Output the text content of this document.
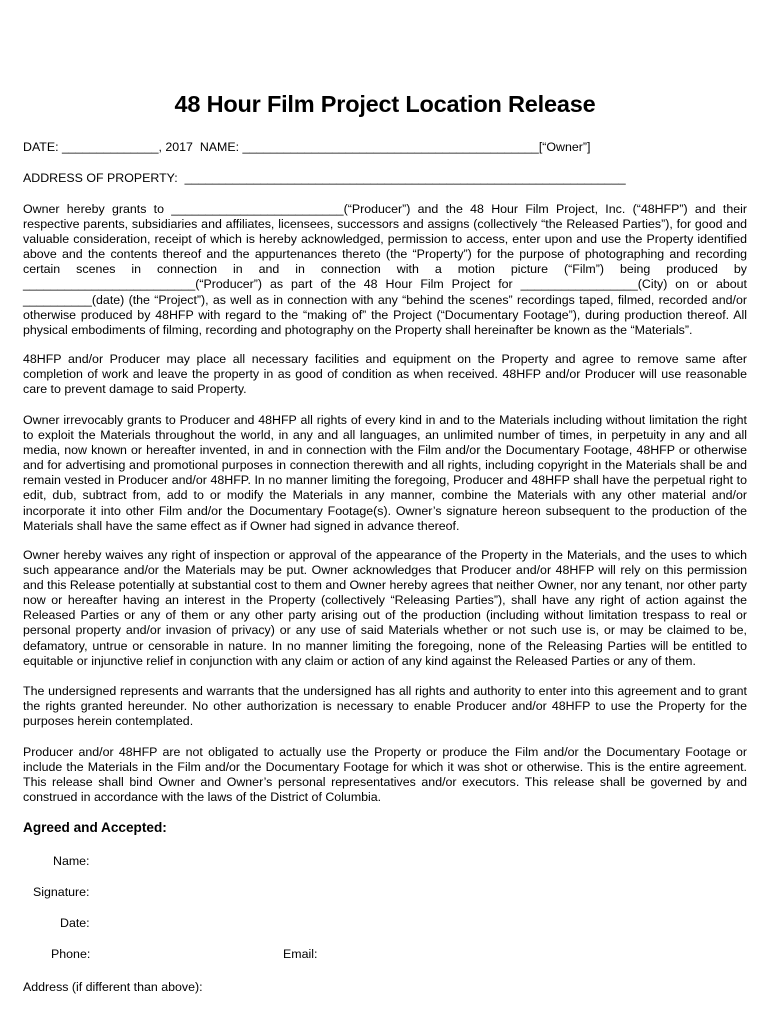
48 Hour Film Project Location Release
DATE: ______________, 2017  NAME: ___________________________________________[“Owner”]
ADDRESS OF PROPERTY:  ________________________________________________________________

Owner hereby grants to _________________________(“Producer”) and the 48 Hour Film Project, Inc. (“48HFP”) and their respective parents, subsidiaries and affiliates, licensees, successors and assigns (collectively “the Released Parties”), for good and valuable consideration, receipt of which is hereby acknowledged, permission to access, enter upon and use the Property identified above and the contents thereof and the appurtenances thereto (the “Property”) for the purpose of photographing and recording certain scenes in connection in and in connection with a motion picture (“Film”) being produced by _________________________(“Producer”) as part of the 48 Hour Film Project for _________________(City) on or about __________(date) (the “Project”), as well as in connection with any “behind the scenes” recordings taped, filmed, recorded and/or otherwise produced by 48HFP with regard to the “making of” the Project (“Documentary Footage”), during production thereof. All physical embodiments of filming, recording and photography on the Property shall hereinafter be known as the “Materials”.

48HFP and/or Producer may place all necessary facilities and equipment on the Property and agree to remove same after completion of work and leave the property in as good of condition as when received. 48HFP and/or Producer will use reasonable care to prevent damage to said Property.

Owner irrevocably grants to Producer and 48HFP all rights of every kind in and to the Materials including without limitation the right to exploit the Materials throughout the world, in any and all languages, an unlimited number of times, in perpetuity in any and all media, now known or hereafter invented, in and in connection with the Film and/or the Documentary Footage, 48HFP or otherwise and for advertising and promotional purposes in connection therewith and all rights, including copyright in the Materials shall be and remain vested in Producer and/or 48HFP. In no manner limiting the foregoing, Producer and 48HFP shall have the perpetual right to edit, dub, subtract from, add to or modify the Materials in any manner, combine the Materials with any other material and/or incorporate it into other Film and/or the Documentary Footage(s). Owner’s signature hereon subsequent to the production of the Materials shall have the same effect as if Owner had signed in advance thereof.

Owner hereby waives any right of inspection or approval of the appearance of the Property in the Materials, and the uses to which such appearance and/or the Materials may be put. Owner acknowledges that Producer and/or 48HFP will rely on this permission and this Release potentially at substantial cost to them and Owner hereby agrees that neither Owner, nor any tenant, nor other party now or hereafter having an interest in the Property (collectively “Releasing Parties”), shall have any right of action against the Released Parties or any of them or any other party arising out of the production (including without limitation trespass to real or personal property and/or invasion of privacy) or any use of said Materials whether or not such use is, or may be claimed to be, defamatory, untrue or censorable in nature. In no manner limiting the foregoing, none of the Releasing Parties will be entitled to equitable or injunctive relief in conjunction with any claim or action of any kind against the Released Parties or any of them.

The undersigned represents and warrants that the undersigned has all rights and authority to enter into this agreement and to grant the rights granted hereunder. No other authorization is necessary to enable Producer and/or 48HFP to use the Property for the purposes herein contemplated.

Producer and/or 48HFP are not obligated to actually use the Property or produce the Film and/or the Documentary Footage or include the Materials in the Film and/or the Documentary Footage for which it was shot or otherwise. This is the entire agreement. This release shall bind Owner and Owner’s personal representatives and/or executors. This release shall be governed by and construed in accordance with the laws of the District of Columbia.

Agreed and Accepted:
Name:
Signature:
Date:
Phone:	Email:
Address (if different than above):
